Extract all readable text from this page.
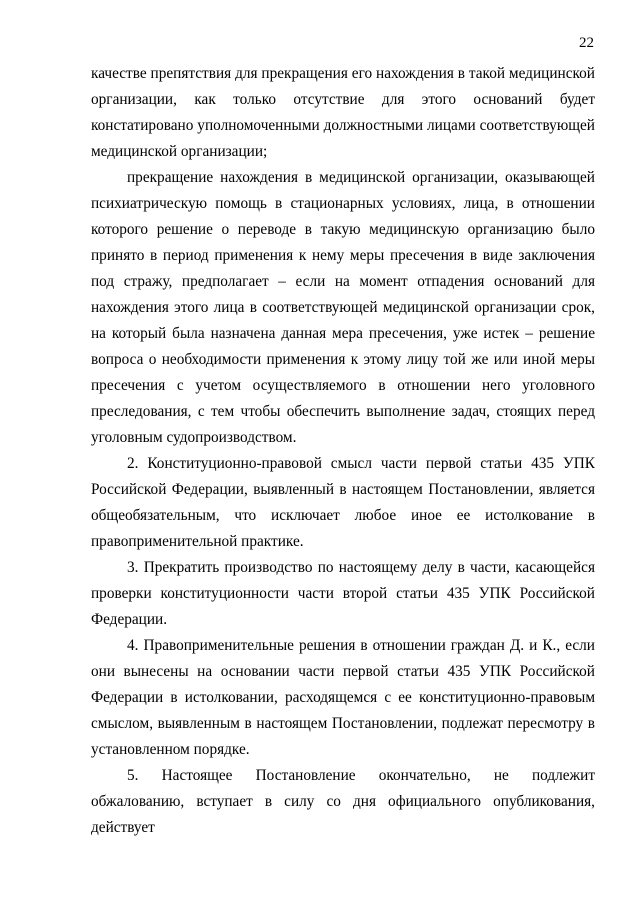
22

качестве препятствия для прекращения его нахождения в такой медицинской организации, как только отсутствие для этого оснований будет констатировано уполномоченными должностными лицами соответствующей медицинской организации;

прекращение нахождения в медицинской организации, оказывающей психиатрическую помощь в стационарных условиях, лица, в отношении которого решение о переводе в такую медицинскую организацию было принято в период применения к нему меры пресечения в виде заключения под стражу, предполагает – если на момент отпадения оснований для нахождения этого лица в соответствующей медицинской организации срок, на который была назначена данная мера пресечения, уже истек – решение вопроса о необходимости применения к этому лицу той же или иной меры пресечения с учетом осуществляемого в отношении него уголовного преследования, с тем чтобы обеспечить выполнение задач, стоящих перед уголовным судопроизводством.

2. Конституционно-правовой смысл части первой статьи 435 УПК Российской Федерации, выявленный в настоящем Постановлении, является общеобязательным, что исключает любое иное ее истолкование в правоприменительной практике.

3. Прекратить производство по настоящему делу в части, касающейся проверки конституционности части второй статьи 435 УПК Российской Федерации.

4. Правоприменительные решения в отношении граждан Д. и К., если они вынесены на основании части первой статьи 435 УПК Российской Федерации в истолковании, расходящемся с ее конституционно-правовым смыслом, выявленным в настоящем Постановлении, подлежат пересмотру в установленном порядке.

5. Настоящее Постановление окончательно, не подлежит обжалованию, вступает в силу со дня официального опубликования, действует
